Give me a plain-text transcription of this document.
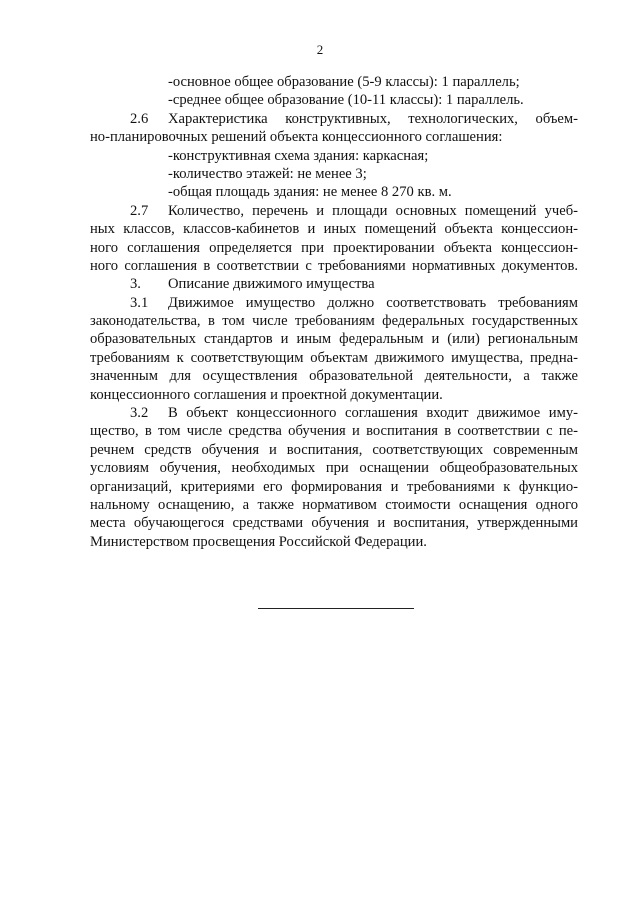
2
-основное общее образование (5-9 классы): 1 параллель;
-среднее общее образование (10-11 классы): 1 параллель.
2.6	Характеристика конструктивных, технологических, объем-
но-планировочных решений объекта концессионного соглашения:
-конструктивная схема здания: каркасная;
-количество этажей: не менее 3;
-общая площадь здания: не менее 8 270 кв. м.
2.7	Количество, перечень и площади основных помещений учеб-
ных классов, классов-кабинетов и иных помещений объекта концессион-
ного соглашения определяется при проектировании объекта концессион-
ного соглашения в соответствии с требованиями нормативных документов.
3.	Описание движимого имущества
3.1	Движимое имущество должно соответствовать требованиям
законодательства, в том числе требованиям федеральных государственных
образовательных стандартов и иным федеральным и (или) региональным
требованиям к соответствующим объектам движимого имущества, предна-
значенным для осуществления образовательной деятельности, а также
концессионного соглашения и проектной документации.
3.2	В объект концессионного соглашения входит движимое иму-
щество, в том числе средства обучения и воспитания в соответствии с пе-
речнем средств обучения и воспитания, соответствующих современным
условиям обучения, необходимых при оснащении общеобразовательных
организаций, критериями его формирования и требованиями к функцио-
нальному оснащению, а также нормативом стоимости оснащения одного
места обучающегося средствами обучения и воспитания, утвержденными
Министерством просвещения Российской Федерации.
